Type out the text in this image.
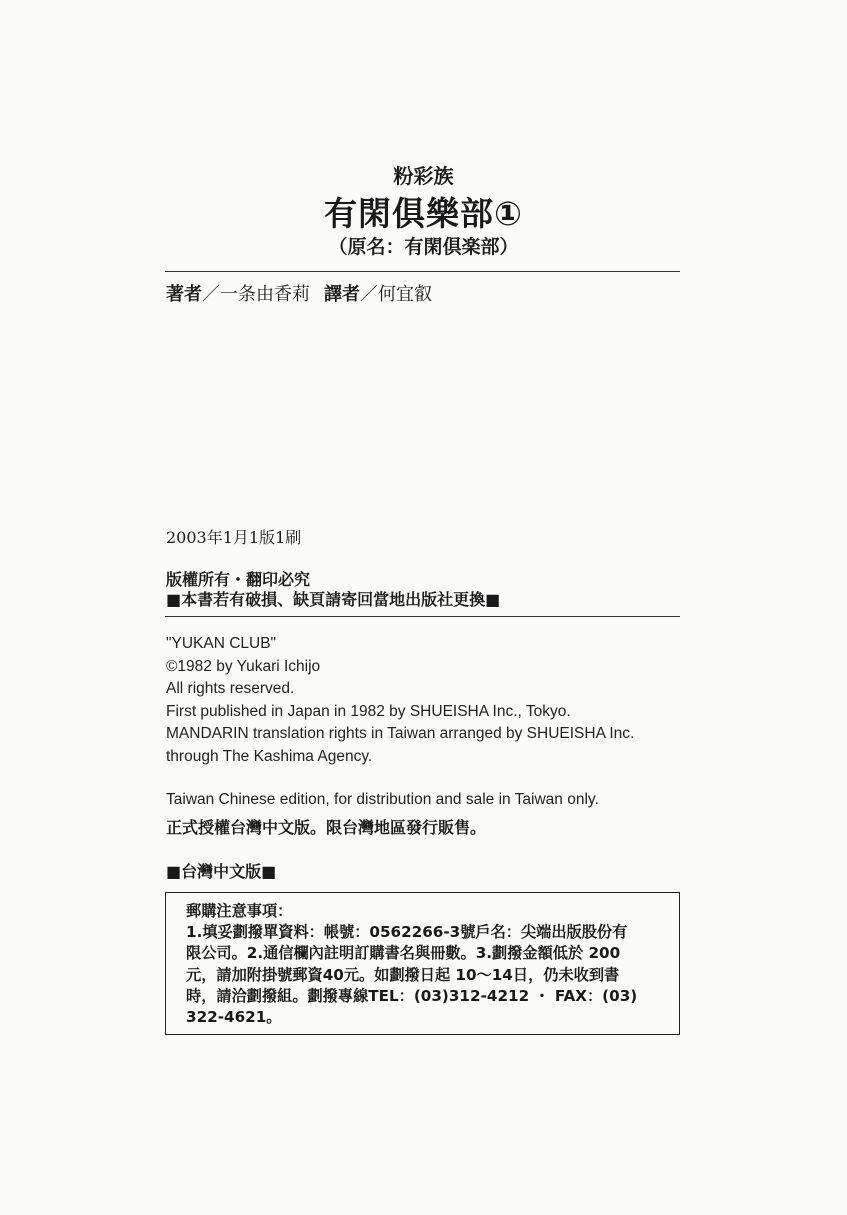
粉彩族
有閑俱樂部①
（原名：有閑倶楽部）
著者／一条由香莉 譯者／何宜叡
2003年1月1版1刷
版權所有・翻印必究
■本書若有破損、缺頁請寄回當地出版社更換■
"YUKAN CLUB"
©1982 by Yukari Ichijo
All rights reserved.
First published in Japan in 1982 by SHUEISHA Inc., Tokyo.
MANDARIN translation rights in Taiwan arranged by SHUEISHA Inc.
through The Kashima Agency.
Taiwan Chinese edition, for distribution and sale in Taiwan only.
正式授權台灣中文版。限台灣地區發行販售。
■台灣中文版■
郵購注意事項：
1.填妥劃撥單資料：帳號：0562266-3號戶名：尖端出版股份有
限公司。2.通信欄內註明訂購書名與冊數。3.劃撥金額低於 200
元，請加附掛號郵資40元。如劃撥日起 10～14日，仍未收到書
時，請洽劃撥組。劃撥專線TEL：(03)312-4212 ・ FAX：(03)
322-4621。
